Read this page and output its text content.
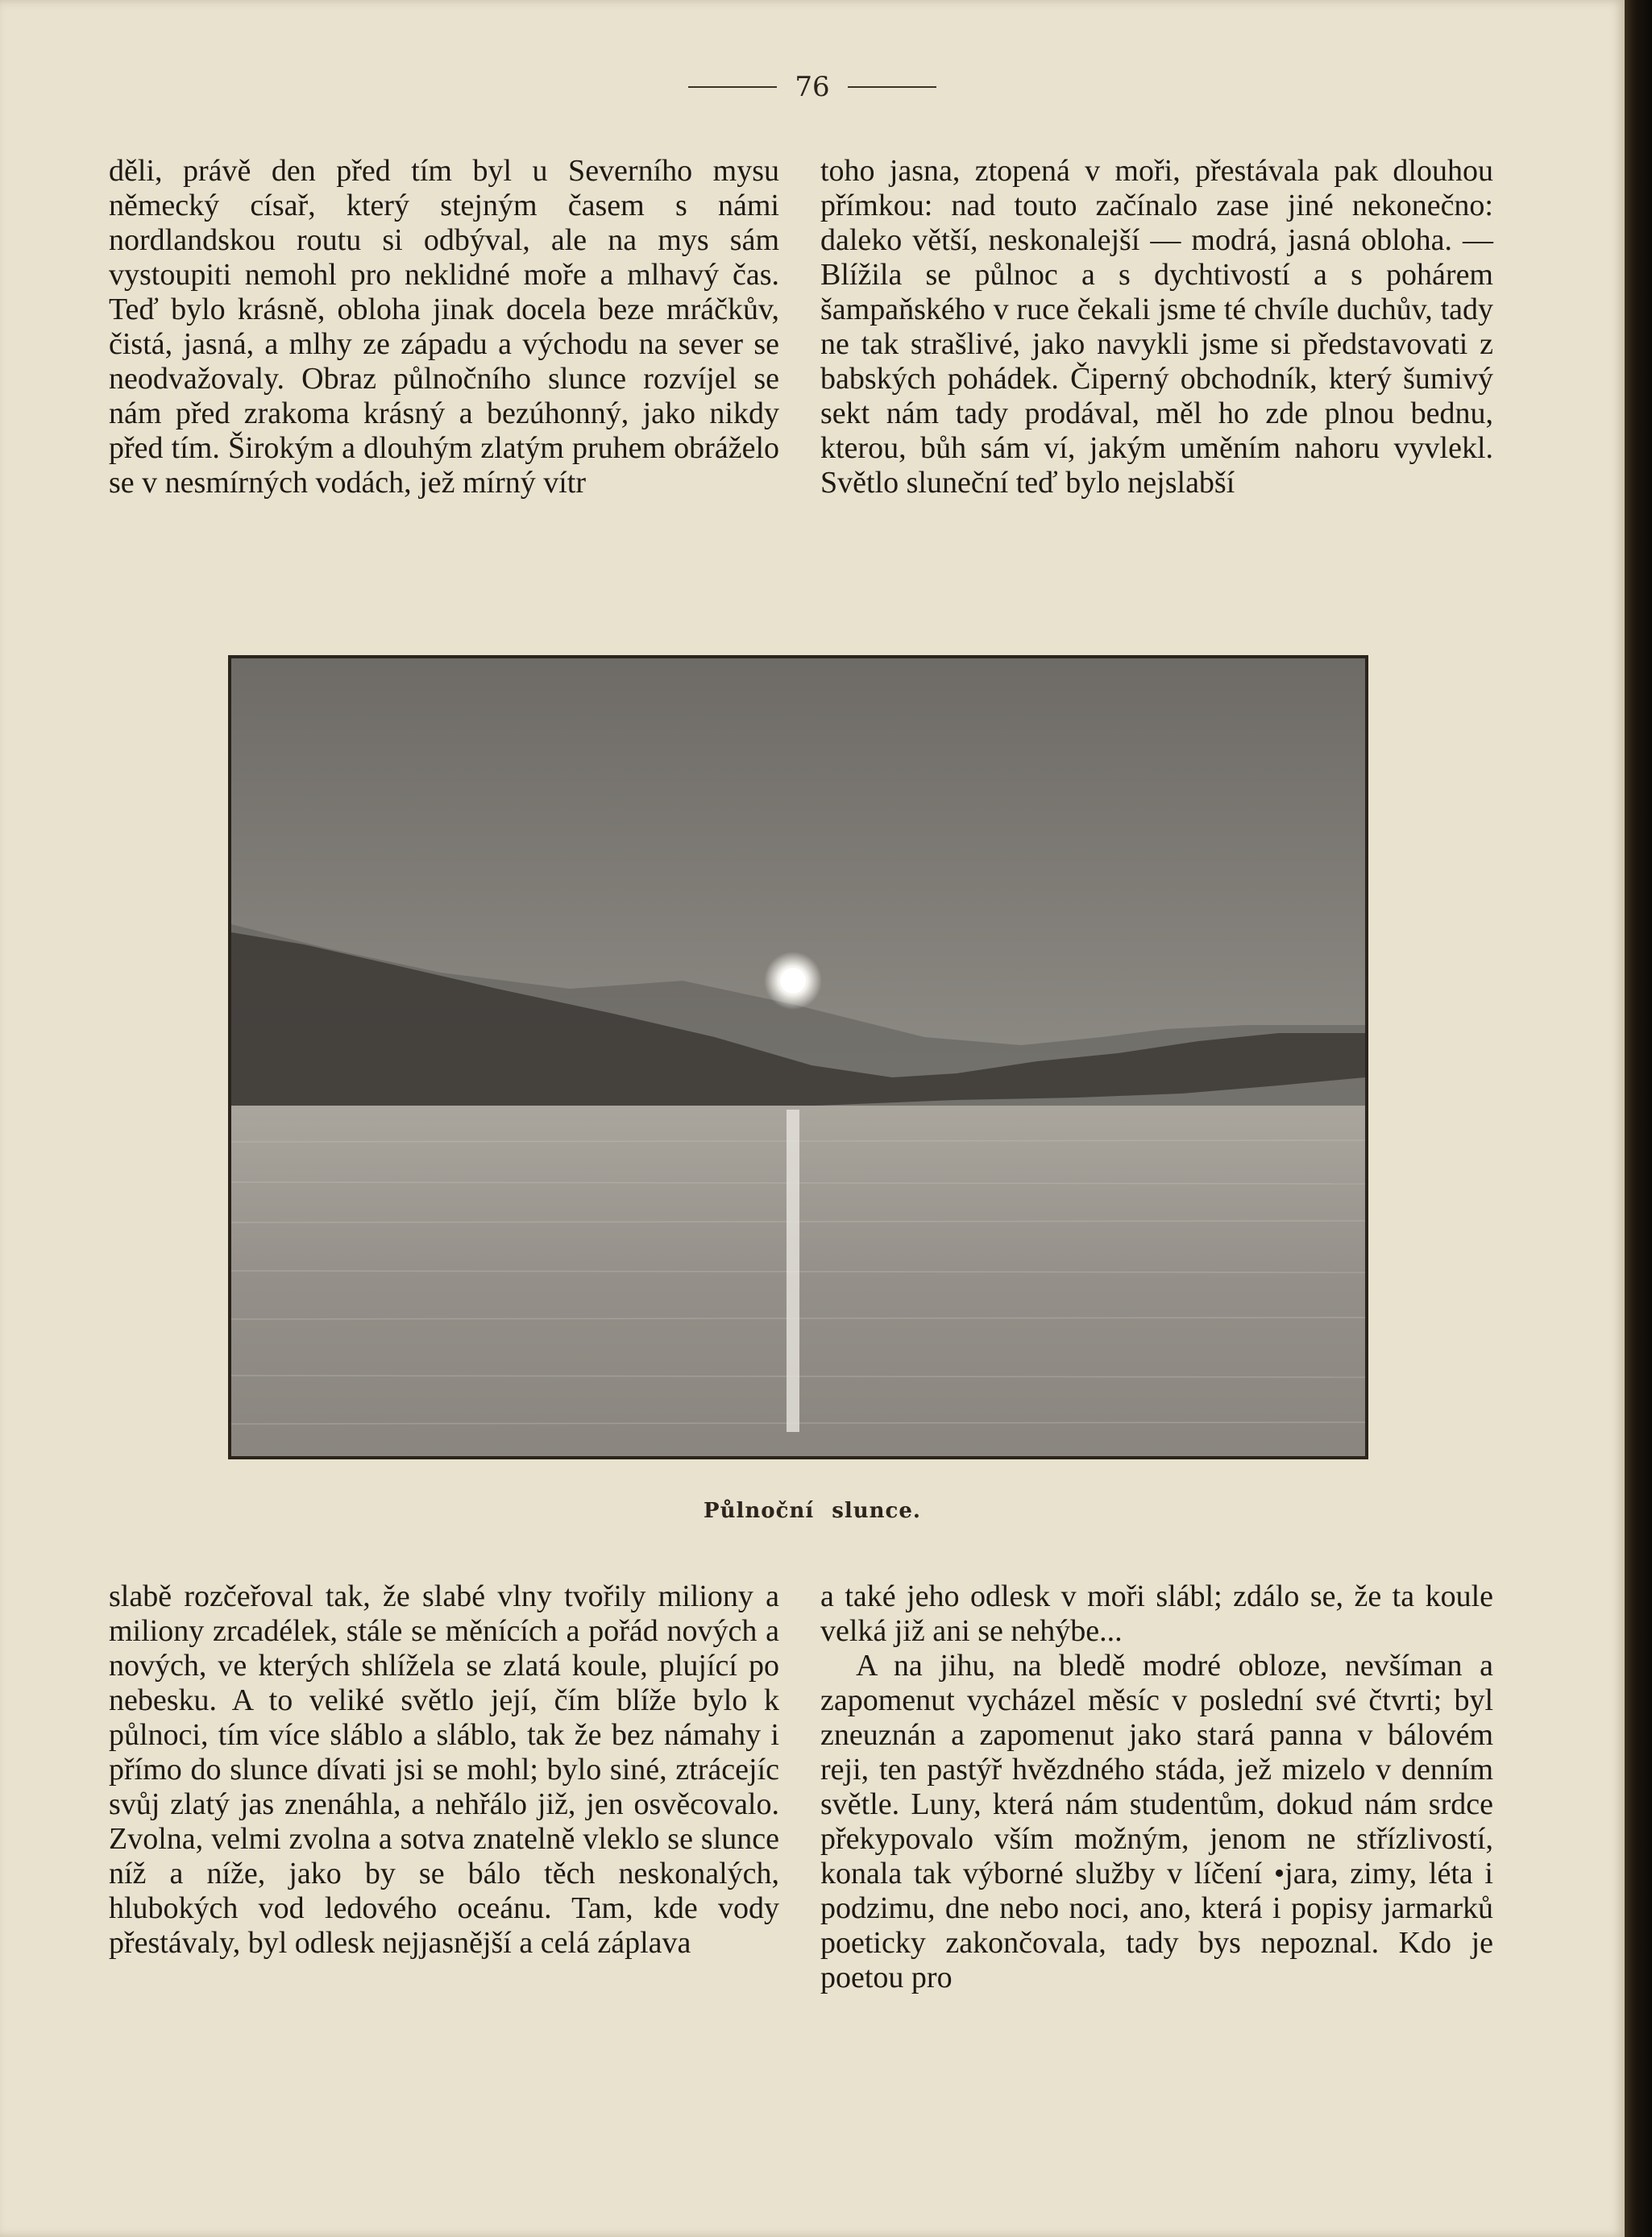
76

děli, právě den před tím byl u Severního mysu německý císař, který stejným časem s námi nordlandskou routu si odbýval, ale na mys sám vystoupiti nemohl pro neklidné moře a mlhavý čas. Teď bylo krásně, obloha jinak docela beze mráčkův, čistá, jasná, a mlhy ze západu a východu na sever se neodvažovaly. Obraz půlnočního slunce rozvíjel se nám před zrakoma krásný a bezúhonný, jako nikdy před tím. Širokým a dlouhým zlatým pruhem obráželo se v nesmírných vodách, jež mírný vítr

toho jasna, ztopená v moři, přestávala pak dlouhou přímkou: nad touto začínalo zase jiné nekonečno: daleko větší, neskonalejší — modrá, jasná obloha. — Blížila se půlnoc a s dychtivostí a s pohárem šampaňského v ruce čekali jsme té chvíle duchův, tady ne tak strašlivé, jako navykli jsme si představovati z babských pohádek. Čiperný obchodník, který šumivý sekt nám tady prodával, měl ho zde plnou bednu, kterou, bůh sám ví, jakým uměním nahoru vyvlekl. Světlo sluneční teď bylo nejslabší

Půlnoční slunce.

slabě rozčeřoval tak, že slabé vlny tvořily miliony a miliony zrcadélek, stále se měnících a pořád nových a nových, ve kterých shlížela se zlatá koule, plující po nebesku. A to veliké světlo její, čím blíže bylo k půlnoci, tím více sláblo a sláblo, tak že bez námahy i přímo do slunce dívati jsi se mohl; bylo siné, ztrácejíc svůj zlatý jas znenáhla, a nehřálo již, jen osvěcovalo. Zvolna, velmi zvolna a sotva znatelně vleklo se slunce níž a níže, jako by se bálo těch neskonalých, hlubokých vod ledového oceánu. Tam, kde vody přestávaly, byl odlesk nejjasnější a celá záplava

a také jeho odlesk v moři slábl; zdálo se, že ta koule velká již ani se nehýbe...

A na jihu, na bledě modré obloze, nevšíman a zapomenut vycházel měsíc v poslední své čtvrti; byl zneuznán a zapomenut jako stará panna v bálovém reji, ten pastýř hvězdného stáda, jež mizelo v denním světle. Luny, která nám studentům, dokud nám srdce překypovalo vším možným, jenom ne střízlivostí, konala tak výborné služby v líčení •jara, zimy, léta i podzimu, dne nebo noci, ano, která i popisy jarmarků poeticky zakončovala, tady bys nepoznal. Kdo je poetou pro
